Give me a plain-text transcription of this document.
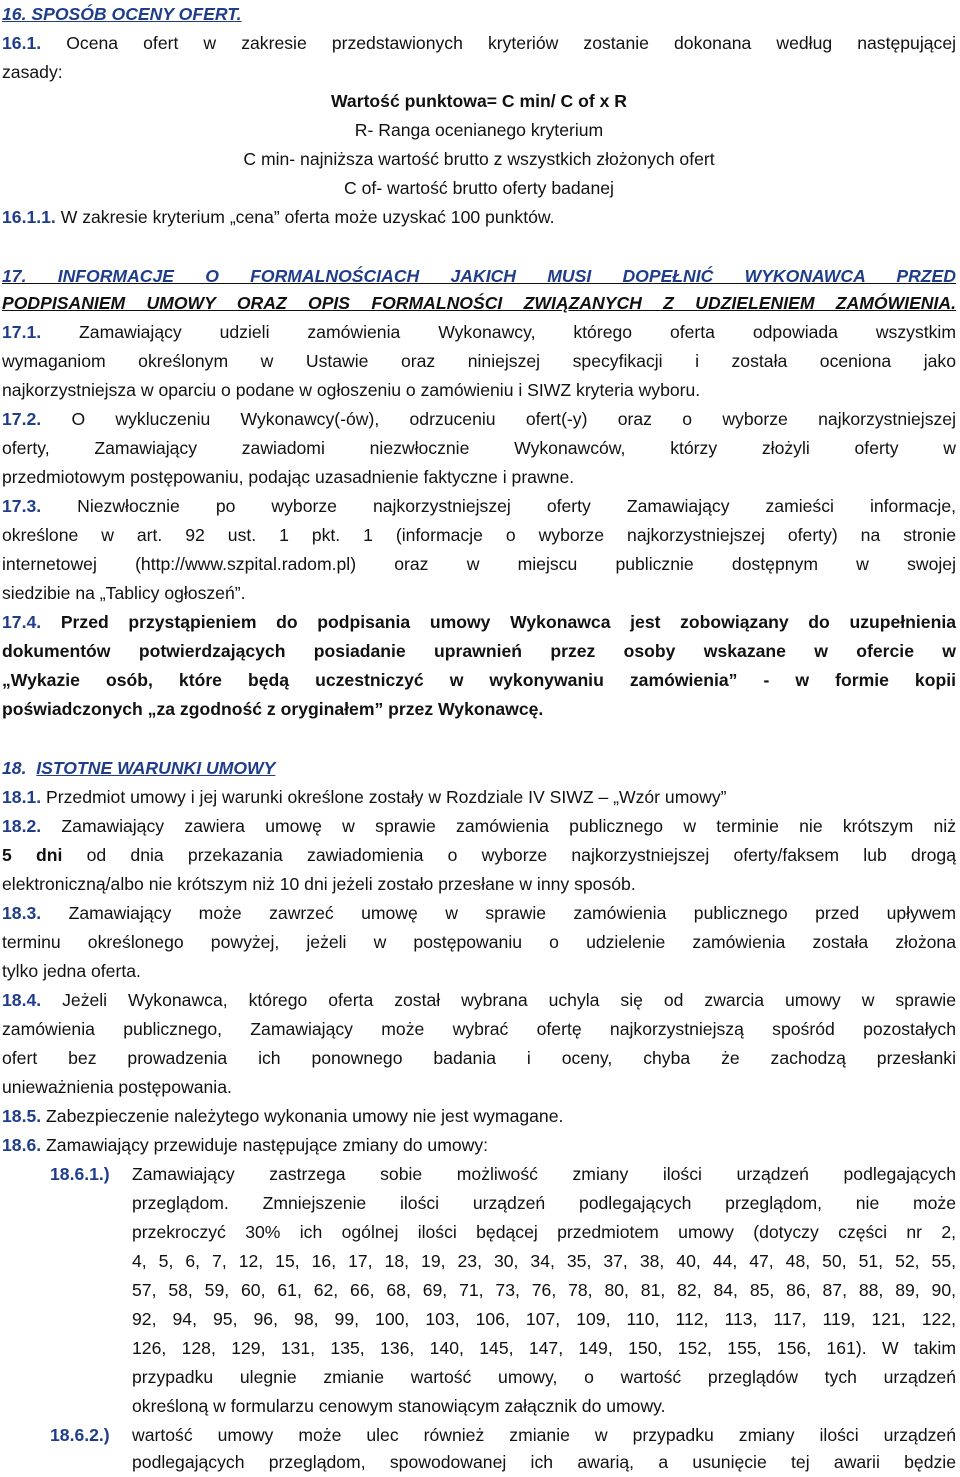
16. SPOSÓB OCENY OFERT.
16.1. Ocena ofert w zakresie przedstawionych kryteriów zostanie dokonana według następującej
zasady:
Wartość punktowa= C min/ C of x R
R- Ranga ocenianego kryterium
C min- najniższa wartość brutto z wszystkich złożonych ofert
C of- wartość brutto oferty badanej
16.1.1. W zakresie kryterium „cena” oferta może uzyskać 100 punktów.
17. INFORMACJE O FORMALNOŚCIACH JAKICH MUSI DOPEŁNIĆ WYKONAWCA PRZED
PODPISANIEM UMOWY ORAZ OPIS FORMALNOŚCI ZWIĄZANYCH Z UDZIELENIEM ZAMÓWIENIA.
17.1. Zamawiający udzieli zamówienia Wykonawcy, którego oferta odpowiada wszystkim
wymaganiom określonym w Ustawie oraz niniejszej specyfikacji i została oceniona jako
najkorzystniejsza w oparciu o podane w ogłoszeniu o zamówieniu i SIWZ kryteria wyboru.
17.2. O wykluczeniu Wykonawcy(-ów), odrzuceniu ofert(-y) oraz o wyborze najkorzystniejszej
oferty, Zamawiający zawiadomi niezwłocznie Wykonawców, którzy złożyli oferty w
przedmiotowym postępowaniu, podając uzasadnienie faktyczne i prawne.
17.3. Niezwłocznie po wyborze najkorzystniejszej oferty Zamawiający zamieści informacje,
określone w art. 92 ust. 1 pkt. 1 (informacje o wyborze najkorzystniejszej oferty) na stronie
internetowej (http://www.szpital.radom.pl) oraz w miejscu publicznie dostępnym w swojej
siedzibie na „Tablicy ogłoszeń”.
17.4. Przed przystąpieniem do podpisania umowy Wykonawca jest zobowiązany do uzupełnienia
dokumentów potwierdzających posiadanie uprawnień przez osoby wskazane w ofercie w
„Wykazie osób, które będą uczestniczyć w wykonywaniu zamówienia” - w formie kopii
poświadczonych „za zgodność z oryginałem” przez Wykonawcę.
18. ISTOTNE WARUNKI UMOWY
18.1. Przedmiot umowy i jej warunki określone zostały w Rozdziale IV SIWZ – „Wzór umowy”
18.2. Zamawiający zawiera umowę w sprawie zamówienia publicznego w terminie nie krótszym niż
5 dni od dnia przekazania zawiadomienia o wyborze najkorzystniejszej oferty/faksem lub drogą
elektroniczną/albo nie krótszym niż 10 dni jeżeli zostało przesłane w inny sposób.
18.3. Zamawiający może zawrzeć umowę w sprawie zamówienia publicznego przed upływem
terminu określonego powyżej, jeżeli w postępowaniu o udzielenie zamówienia została złożona
tylko jedna oferta.
18.4. Jeżeli Wykonawca, którego oferta został wybrana uchyla się od zwarcia umowy w sprawie
zamówienia publicznego, Zamawiający może wybrać ofertę najkorzystniejszą spośród pozostałych
ofert bez prowadzenia ich ponownego badania i oceny, chyba że zachodzą przesłanki
unieważnienia postępowania.
18.5. Zabezpieczenie należytego wykonania umowy nie jest wymagane.
18.6. Zamawiający przewiduje następujące zmiany do umowy:
18.6.1.) Zamawiający zastrzega sobie możliwość zmiany ilości urządzeń podlegających
przeglądom. Zmniejszenie ilości urządzeń podlegających przeglądom, nie może
przekroczyć 30% ich ogólnej ilości będącej przedmiotem umowy (dotyczy części nr 2,
4, 5, 6, 7, 12, 15, 16, 17, 18, 19, 23, 30, 34, 35, 37, 38, 40, 44, 47, 48, 50, 51, 52, 55,
57, 58, 59, 60, 61, 62, 66, 68, 69, 71, 73, 76, 78, 80, 81, 82, 84, 85, 86, 87, 88, 89, 90,
92, 94, 95, 96, 98, 99, 100, 103, 106, 107, 109, 110, 112, 113, 117, 119, 121, 122,
126, 128, 129, 131, 135, 136, 140, 145, 147, 149, 150, 152, 155, 156, 161). W takim
przypadku ulegnie zmianie wartość umowy, o wartość przeglądów tych urządzeń
określoną w formularzu cenowym stanowiącym załącznik do umowy.
18.6.2.) wartość umowy może ulec również zmianie w przypadku zmiany ilości urządzeń
podlegających przeglądom, spowodowanej ich awarią, a usunięcie tej awarii będzie
